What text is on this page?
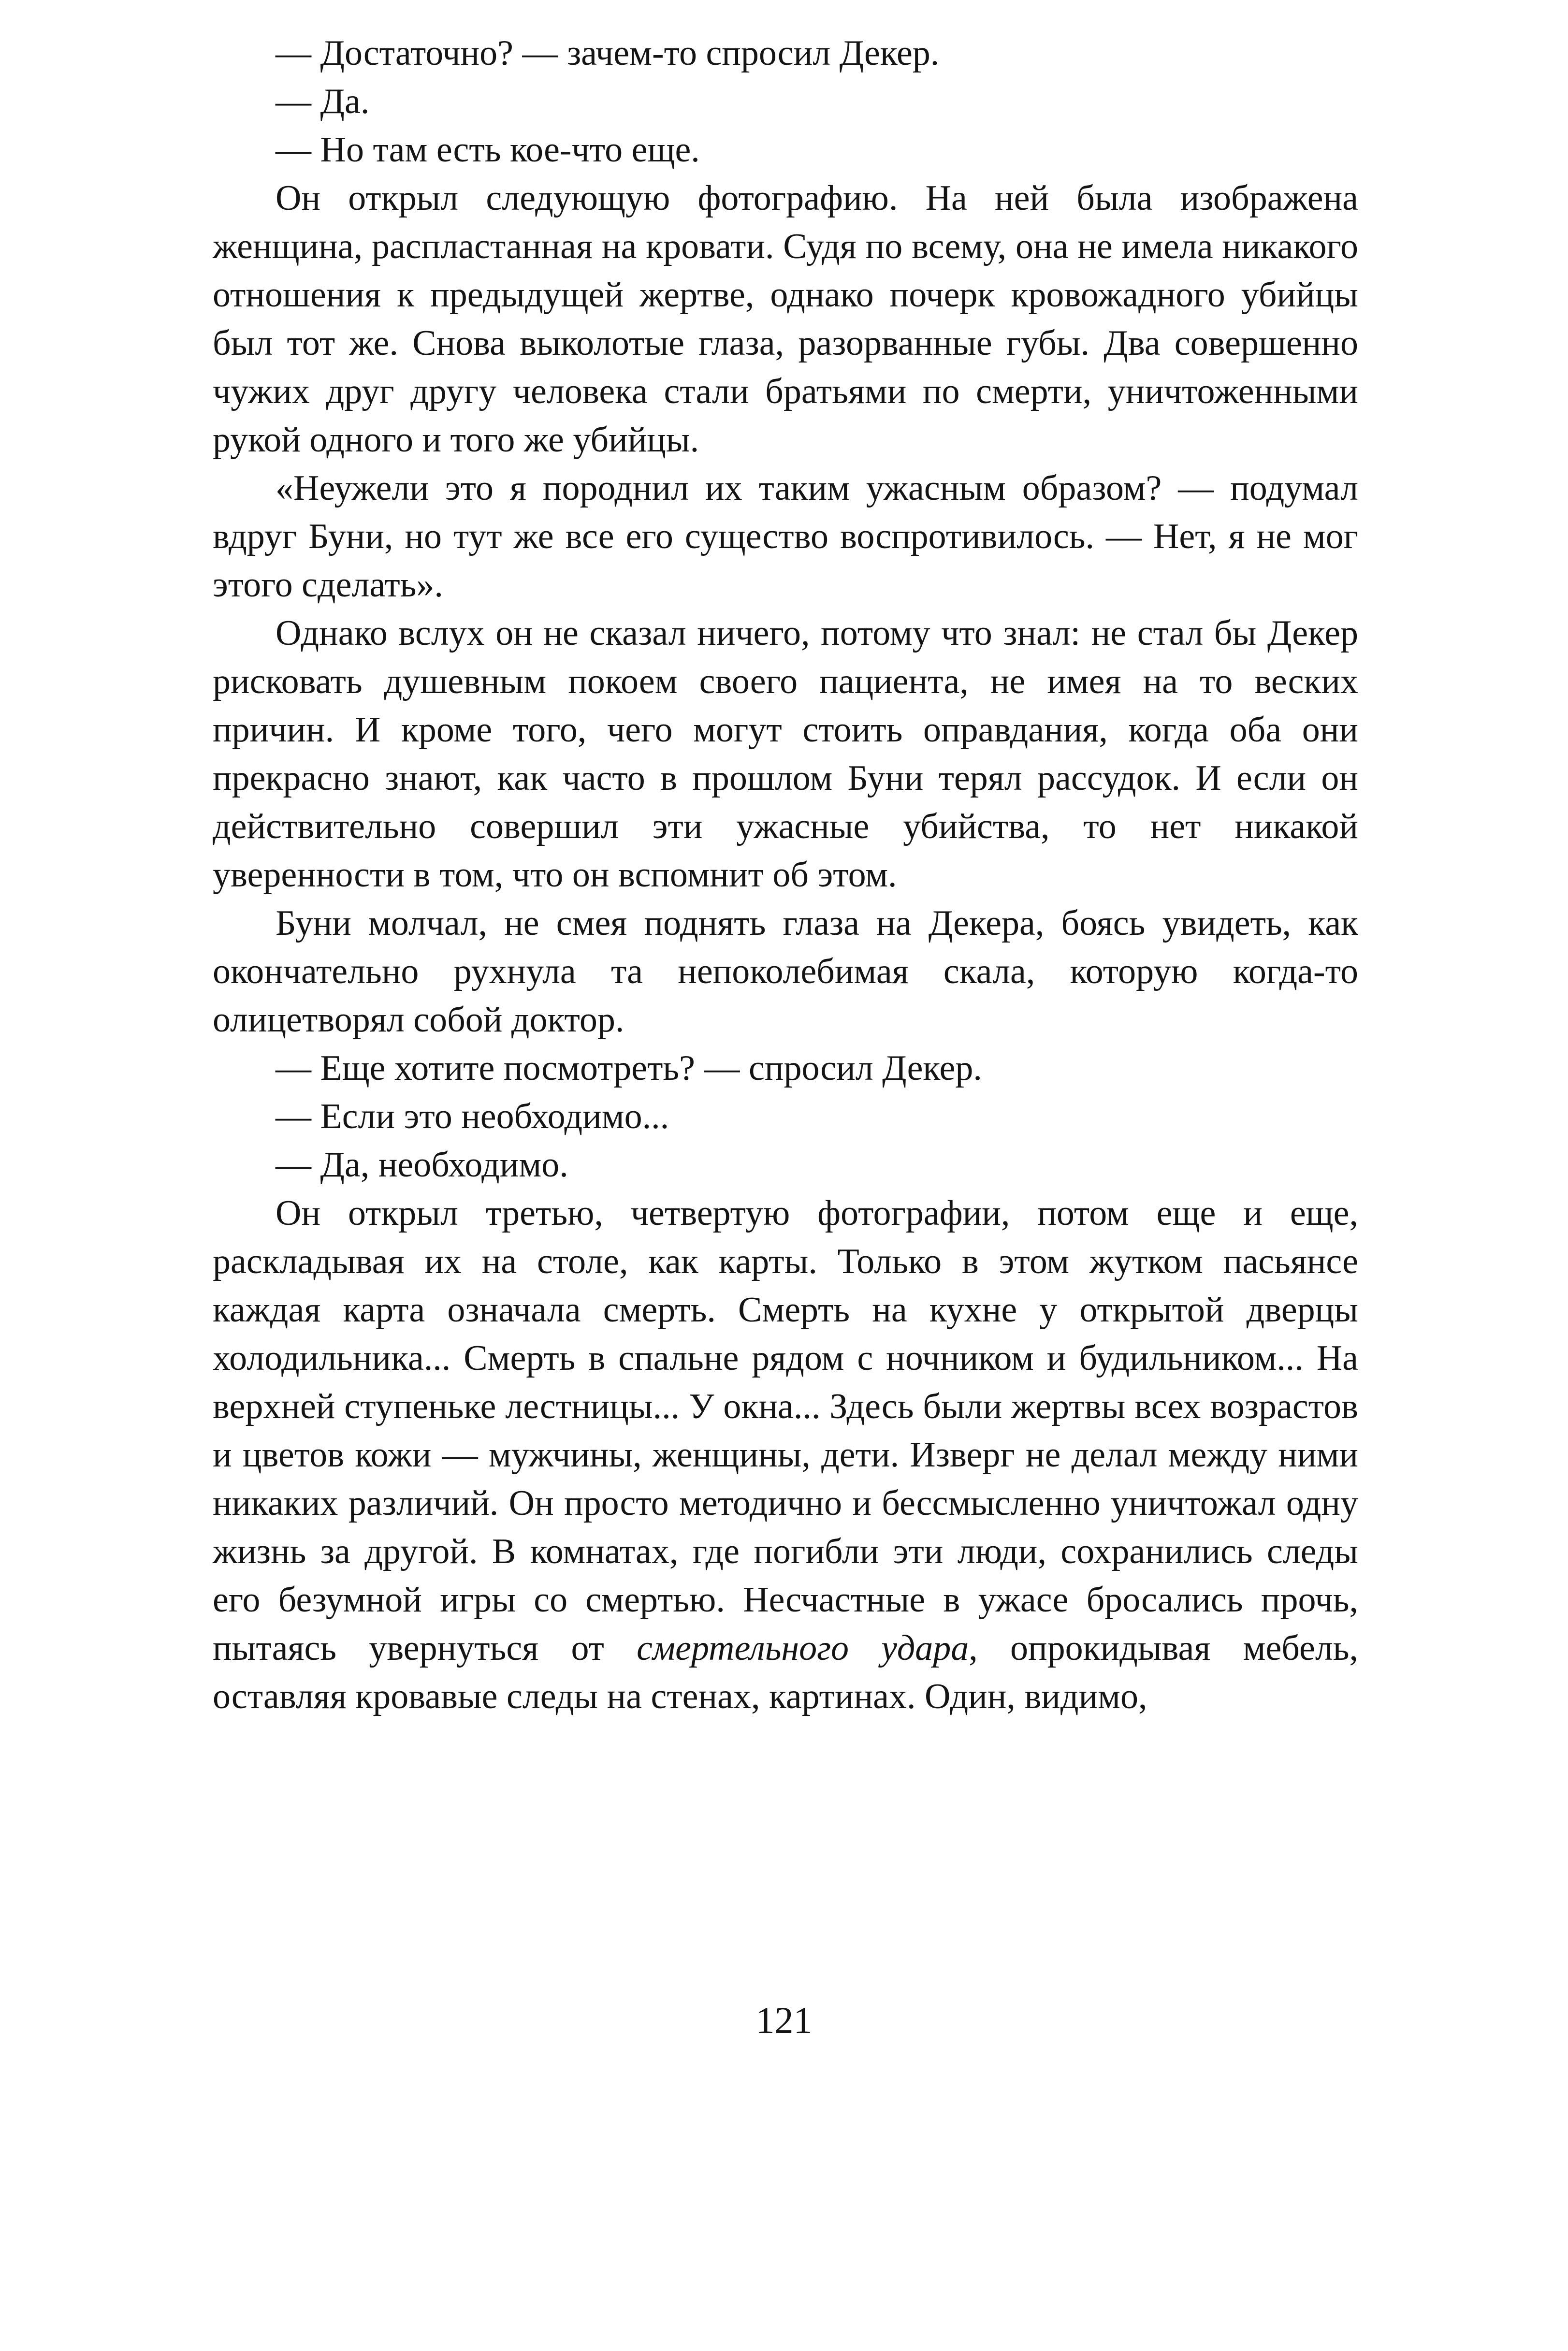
— Достаточно? — зачем-то спросил Декер.

— Да.

— Но там есть кое-что еще.

Он открыл следующую фотографию. На ней была изображена женщина, распластанная на кровати. Судя по всему, она не имела никакого отношения к предыдущей жертве, однако почерк кровожадного убийцы был тот же. Снова выколотые глаза, разорванные губы. Два совершенно чужих друг другу человека стали братьями по смерти, уничтоженными рукой одного и того же убийцы.

«Неужели это я породнил их таким ужасным образом? — подумал вдруг Буни, но тут же все его существо воспротивилось. — Нет, я не мог этого сделать».

Однако вслух он не сказал ничего, потому что знал: не стал бы Декер рисковать душевным покоем своего пациента, не имея на то веских причин. И кроме того, чего могут стоить оправдания, когда оба они прекрасно знают, как часто в прошлом Буни терял рассудок. И если он действительно совершил эти ужасные убийства, то нет никакой уверенности в том, что он вспомнит об этом.

Буни молчал, не смея поднять глаза на Декера, боясь увидеть, как окончательно рухнула та непоколебимая скала, которую когда-то олицетворял собой доктор.

— Еще хотите посмотреть? — спросил Декер.

— Если это необходимо...

— Да, необходимо.

Он открыл третью, четвертую фотографии, потом еще и еще, раскладывая их на столе, как карты. Только в этом жутком пасьянсе каждая карта означала смерть. Смерть на кухне у открытой дверцы холодильника... Смерть в спальне рядом с ночником и будильником... На верхней ступеньке лестницы... У окна... Здесь были жертвы всех возрастов и цветов кожи — мужчины, женщины, дети. Изверг не делал между ними никаких различий. Он просто методично и бессмысленно уничтожал одну жизнь за другой. В комнатах, где погибли эти люди, сохранились следы его безумной игры со смертью. Несчастные в ужасе бросались прочь, пытаясь увернуться от смертельного удара, опрокидывая мебель, оставляя кровавые следы на стенах, картинах. Один, видимо,

121
